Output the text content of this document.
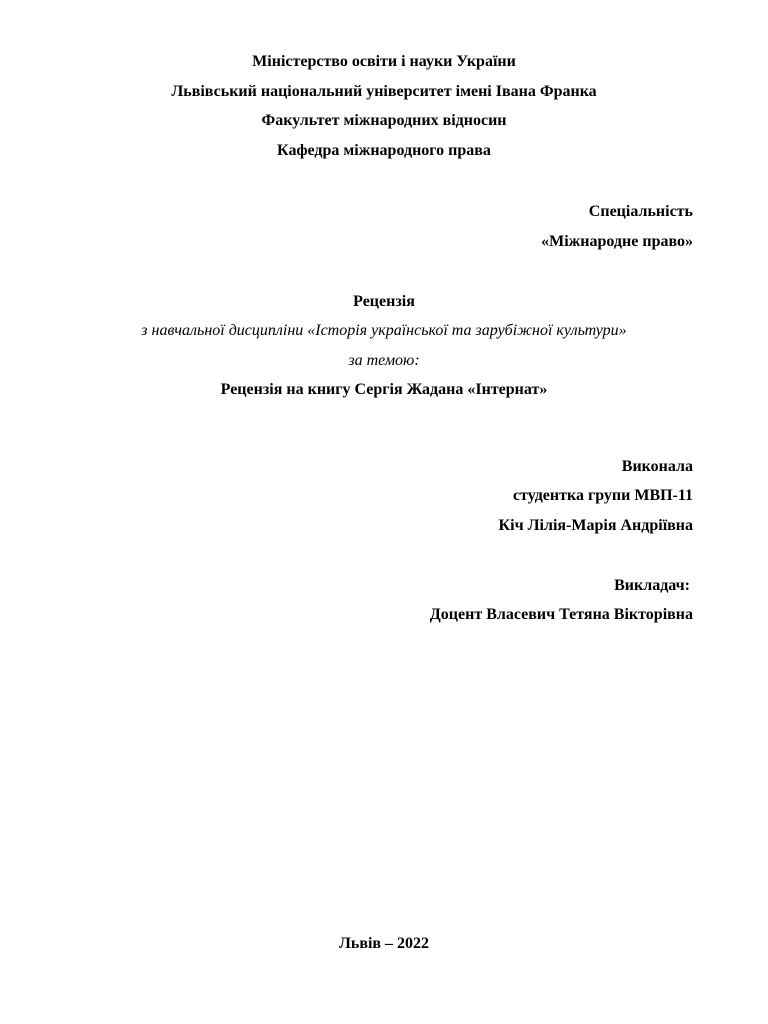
Міністерство освіти і науки України
Львівський національний університет імені Івана Франка
Факультет міжнародних відносин
Кафедра міжнародного права
Спеціальність
«Міжнародне право»
Рецензія
з навчальної дисципліни «Історія української та зарубіжної культури»
за темою:
Рецензія на книгу Сергія Жадана «Інтернат»
Виконала
студентка групи МВП-11
Кіч Лілія-Марія Андріївна
Викладач:
Доцент Власевич Тетяна Вікторівна
Львів – 2022
